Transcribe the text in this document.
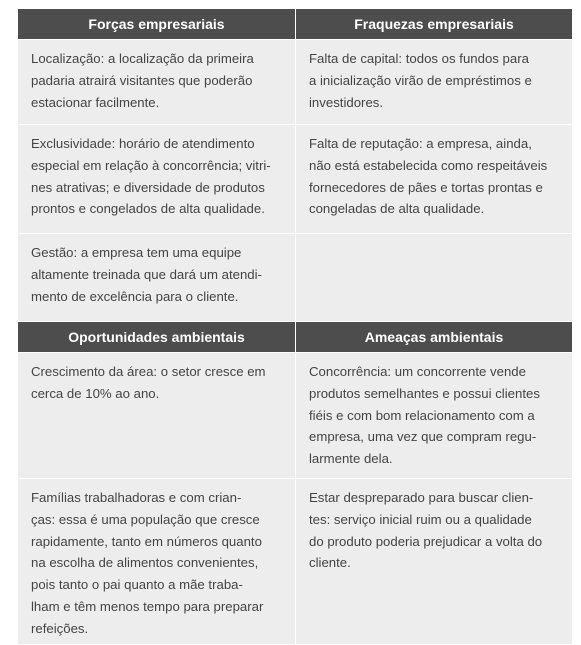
Forças empresariais	Fraquezas empresariais
Localização: a localização da primeira
padaria atrairá visitantes que poderão
estacionar facilmente.
Falta de capital: todos os fundos para
a inicialização virão de empréstimos e
investidores.
Exclusividade: horário de atendimento
especial em relação à concorrência; vitri-
nes atrativas; e diversidade de produtos
prontos e congelados de alta qualidade.
Falta de reputação: a empresa, ainda,
não está estabelecida como respeitáveis
fornecedores de pães e tortas prontas e
congeladas de alta qualidade.
Gestão: a empresa tem uma equipe
altamente treinada que dará um atendi-
mento de excelência para o cliente.
Oportunidades ambientais	Ameaças ambientais
Crescimento da área: o setor cresce em
cerca de 10% ao ano.
Concorrência: um concorrente vende
produtos semelhantes e possui clientes
fiéis e com bom relacionamento com a
empresa, uma vez que compram regu-
larmente dela.
Famílias trabalhadoras e com crian-
ças: essa é uma população que cresce
rapidamente, tanto em números quanto
na escolha de alimentos convenientes,
pois tanto o pai quanto a mãe traba-
lham e têm menos tempo para preparar
refeições.
Estar despreparado para buscar clien-
tes: serviço inicial ruim ou a qualidade
do produto poderia prejudicar a volta do
cliente.
